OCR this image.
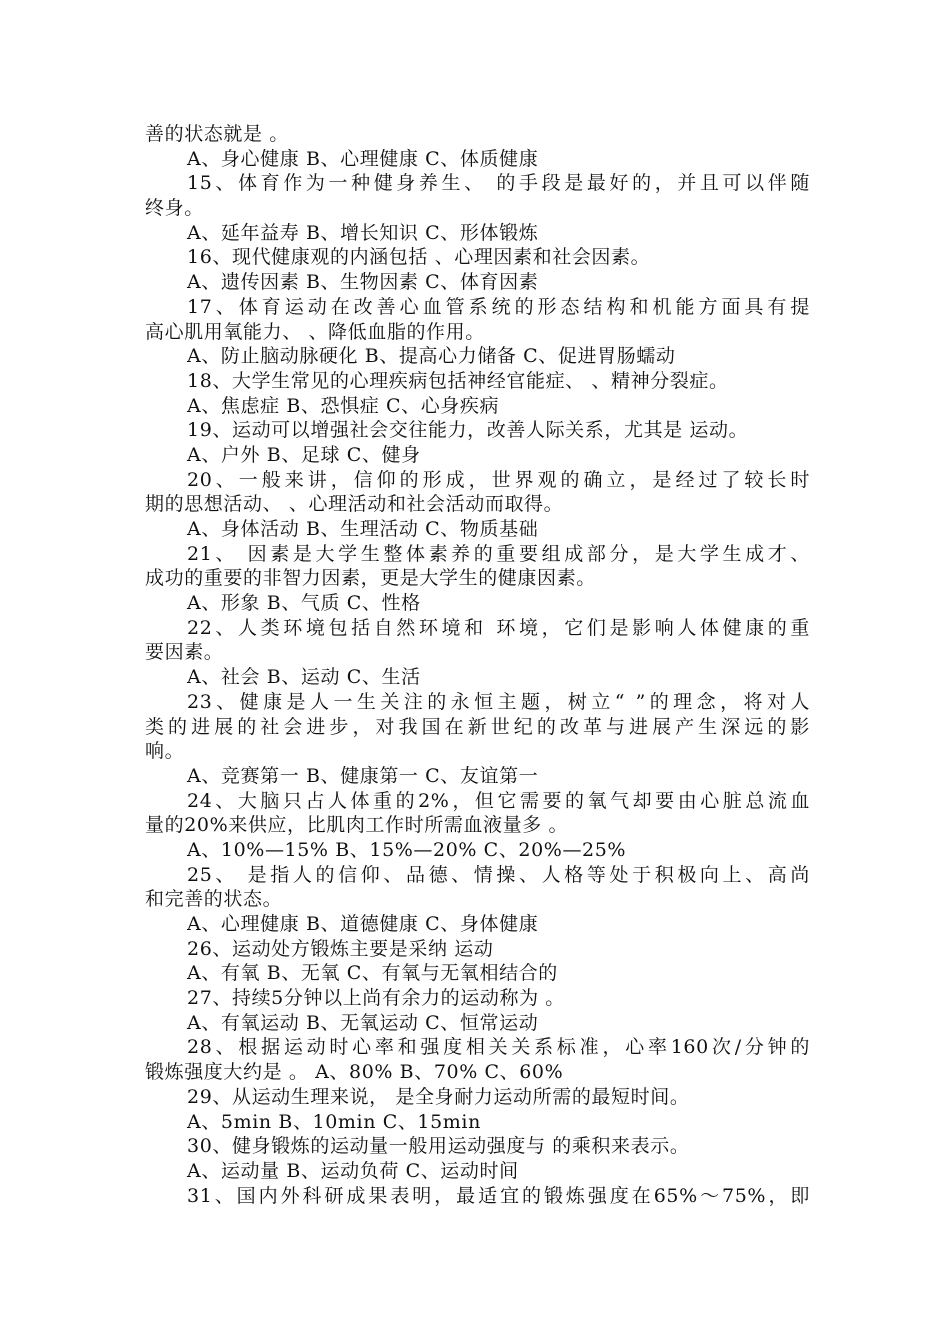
善的状态就是 。
A、身心健康 B、心理健康 C、体质健康
15、体育作为一种健身养生、 的手段是最好的，并且可以伴随
终身。
A、延年益寿 B、增长知识 C、形体锻炼
16、现代健康观的内涵包括 、心理因素和社会因素。
A、遗传因素 B、生物因素 C、体育因素
17、体育运动在改善心血管系统的形态结构和机能方面具有提
高心肌用氧能力、 、降低血脂的作用。
A、防止脑动脉硬化 B、提高心力储备 C、促进胃肠蠕动
18、大学生常见的心理疾病包括神经官能症、 、精神分裂症。
A、焦虑症 B、恐惧症 C、心身疾病
19、运动可以增强社会交往能力，改善人际关系，尤其是 运动。
A、户外 B、足球 C、健身
20、一般来讲，信仰的形成，世界观的确立，是经过了较长时
期的思想活动、 、心理活动和社会活动而取得。
A、身体活动 B、生理活动 C、物质基础
21、 因素是大学生整体素养的重要组成部分，是大学生成才、
成功的重要的非智力因素，更是大学生的健康因素。
A、形象 B、气质 C、性格
22、人类环境包括自然环境和 环境，它们是影响人体健康的重
要因素。
A、社会 B、运动 C、生活
23、健康是人一生关注的永恒主题，树立“ ”的理念，将对人
类的进展的社会进步，对我国在新世纪的改革与进展产生深远的影
响。
A、竞赛第一 B、健康第一 C、友谊第一
24、大脑只占人体重的2%，但它需要的氧气却要由心脏总流血
量的20%来供应，比肌肉工作时所需血液量多 。
A、10%—15% B、15%—20% C、20%—25%
25、 是指人的信仰、品德、情操、人格等处于积极向上、高尚
和完善的状态。
A、心理健康 B、道德健康 C、身体健康
26、运动处方锻炼主要是采纳 运动
A、有氧 B、无氧 C、有氧与无氧相结合的
27、持续5分钟以上尚有余力的运动称为 。
A、有氧运动 B、无氧运动 C、恒常运动
28、根据运动时心率和强度相关关系标准，心率160次/分钟的
锻炼强度大约是 。 A、80% B、70% C、60%
29、从运动生理来说， 是全身耐力运动所需的最短时间。
A、5min B、10min C、15min
30、健身锻炼的运动量一般用运动强度与 的乘积来表示。
A、运动量 B、运动负荷 C、运动时间
31、国内外科研成果表明，最适宜的锻炼强度在65%～75%，即
